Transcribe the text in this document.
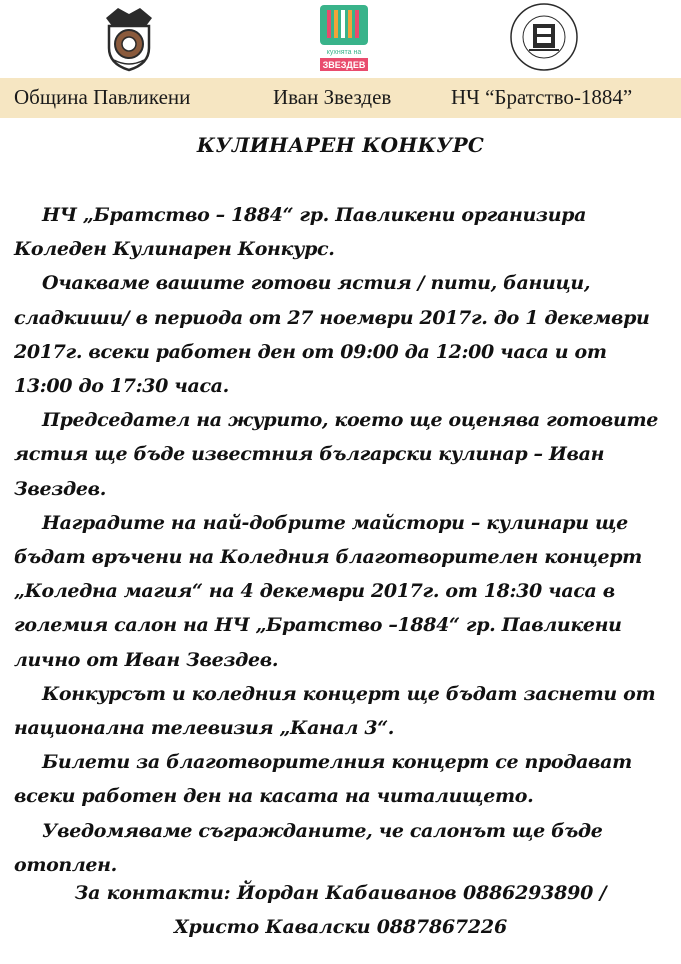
кухнята на
ЗВЕЗДЕВ
Община Павликени	Иван Звездев	НЧ “Братство-1884”
КУЛИНАРЕН КОНКУРС

НЧ „Братство – 1884“ гр. Павликени организира Коледен Кулинарен Конкурс.

Очакваме вашите готови ястия / пити, баници, сладкиши/ в периода от 27 ноември 2017г. до 1 декември 2017г. всеки работен ден от 09:00 да 12:00 часа и от 13:00 до 17:30 часа.

Председател на журито, което ще оценява готовите ястия ще бъде известния български кулинар – Иван Звездев.

Наградите на най-добрите майстори – кулинари ще бъдат връчени на Коледния благотворителен концерт „Коледна магия“ на 4 декември 2017г. от 18:30 часа в големия салон на НЧ „Братство –1884“ гр. Павликени лично от Иван Звездев.

Конкурсът и коледния концерт ще бъдат заснети от национална телевизия „Канал 3“.

Билети за благотворителния концерт се продават всеки работен ден на касата на читалището.

Уведомяваме съгражданите, че салонът ще бъде отоплен.

За контакти: Йордан Кабаиванов 0886293890 /
Христо Кавалски 0887867226
